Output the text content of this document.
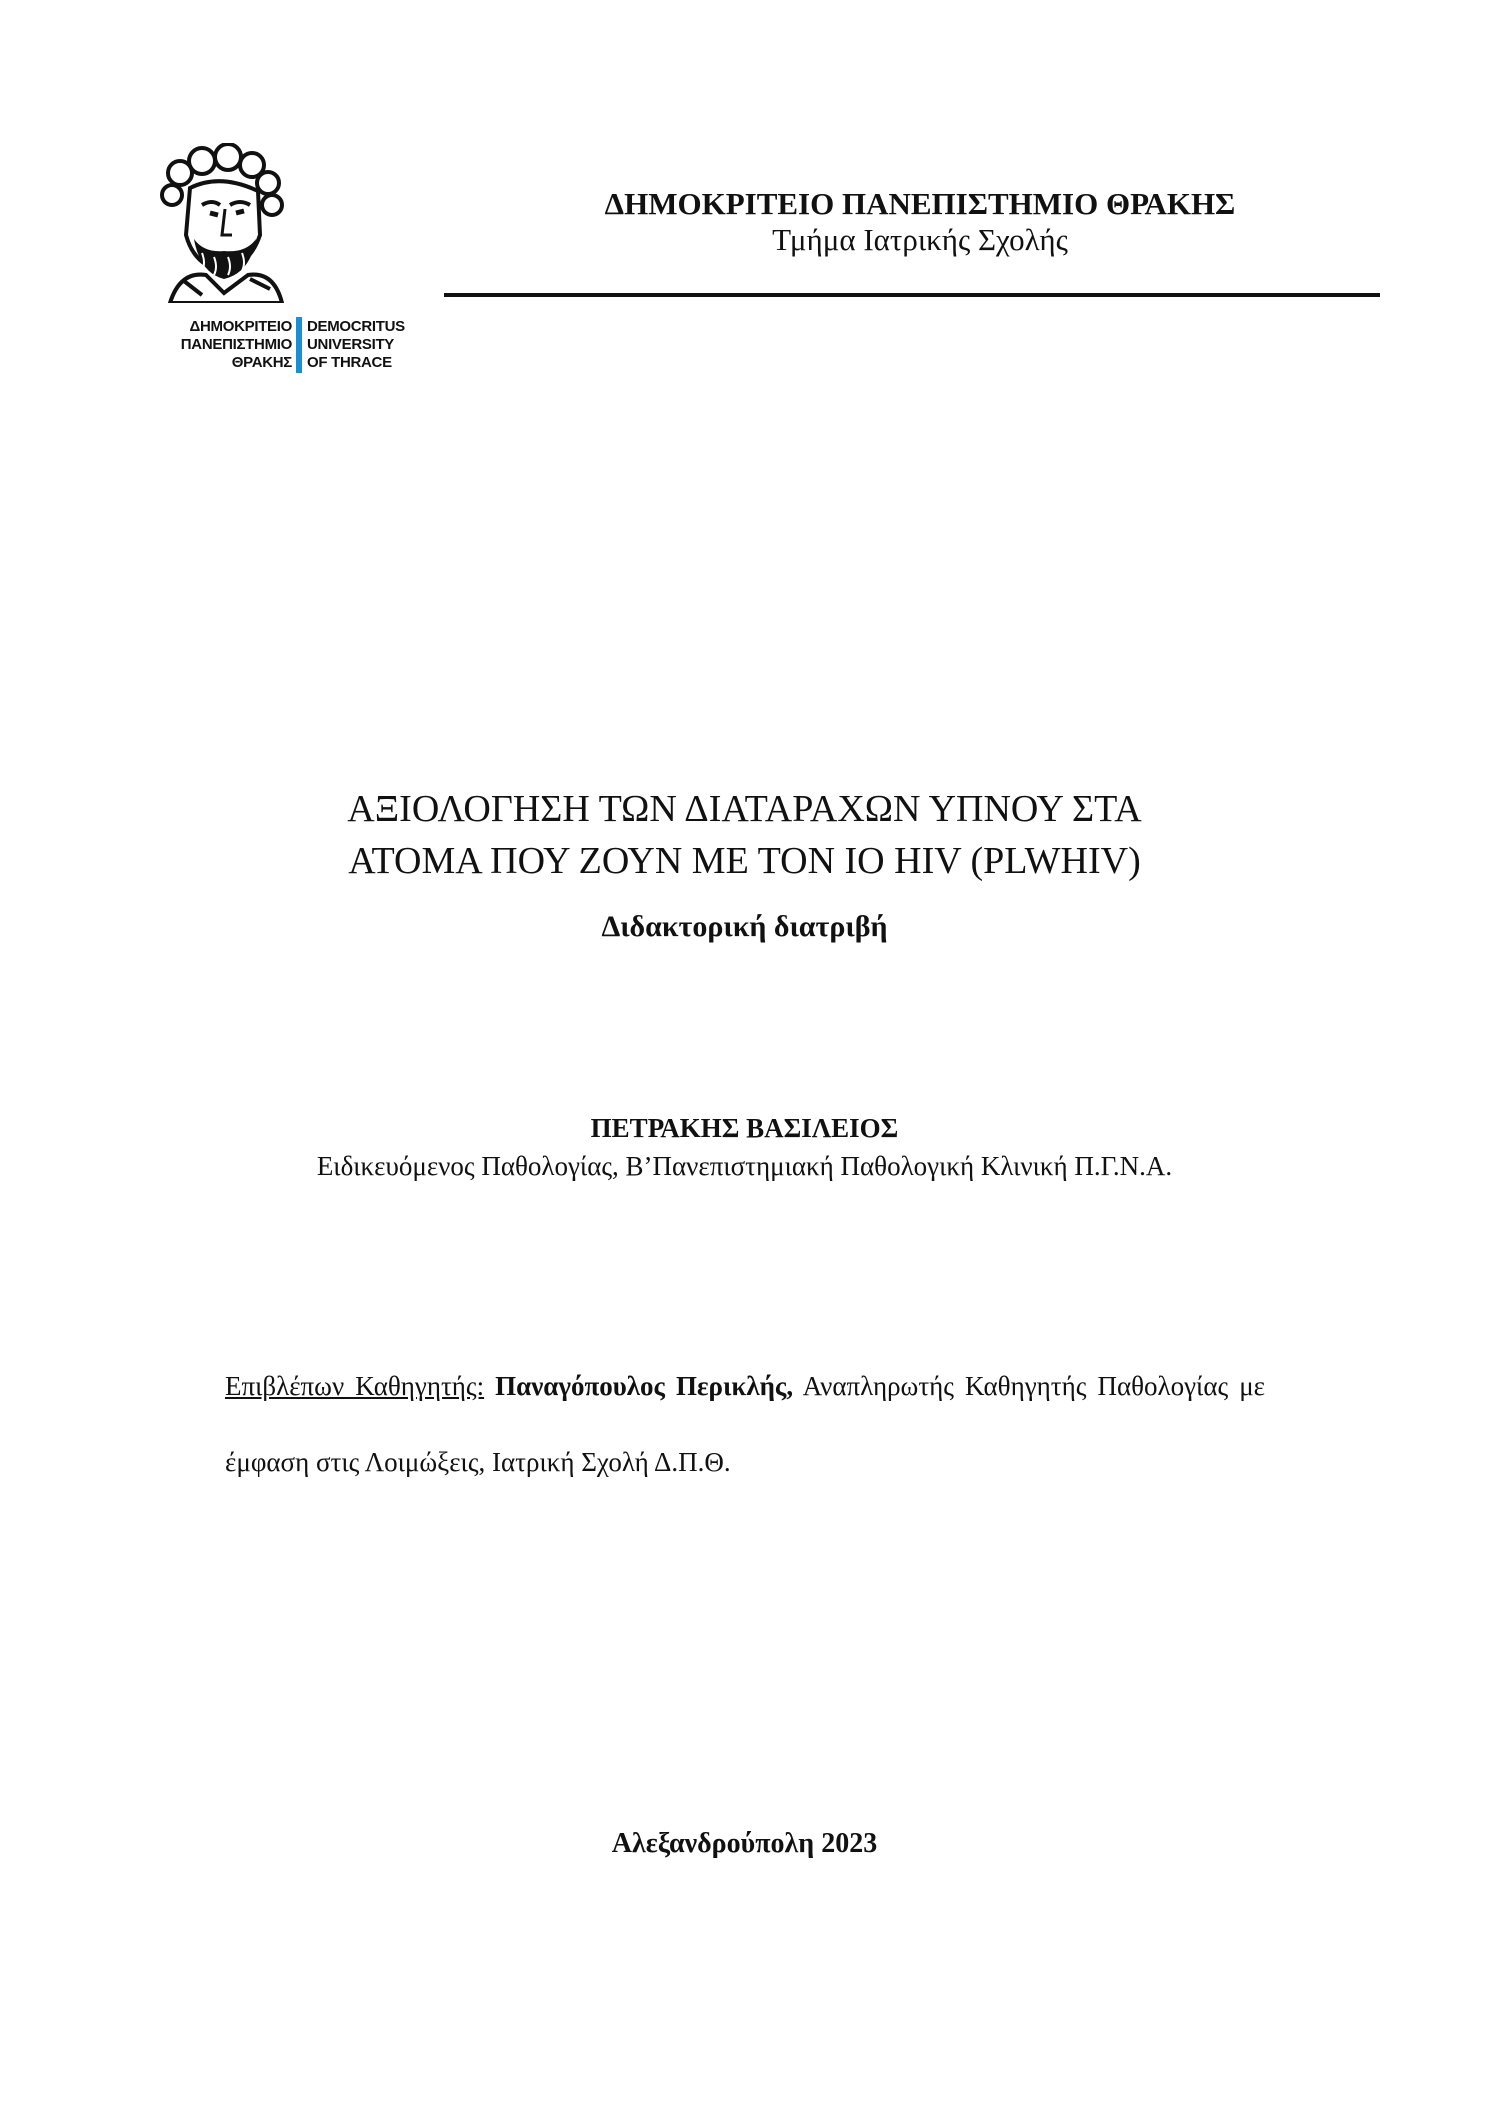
ΔΗΜΟΚΡΙΤΕΙΟ
ΠΑΝΕΠΙΣΤΗΜΙΟ
ΘΡΑΚΗΣ
DEMOCRITUS
UNIVERSITY
OF THRACE
ΔΗΜΟΚΡΙΤΕΙΟ ΠΑΝΕΠΙΣΤΗΜΙΟ ΘΡΑΚΗΣ
Τμήμα Ιατρικής Σχολής
ΑΞΙΟΛΟΓΗΣΗ ΤΩΝ ΔΙΑΤΑΡΑΧΩΝ ΥΠΝΟΥ ΣΤΑ
ΑΤΟΜΑ ΠΟΥ ΖΟΥΝ ΜΕ ΤΟΝ ΙΟ HIV (PLWHIV)
Διδακτορική διατριβή
ΠΕΤΡΑΚΗΣ ΒΑΣΙΛΕΙΟΣ
Ειδικευόμενος Παθολογίας, Β’Πανεπιστημιακή Παθολογική Κλινική Π.Γ.Ν.Α.
Επιβλέπων Καθηγητής: Παναγόπουλος Περικλής, Αναπληρωτής Καθηγητής Παθολογίας με έμφαση στις Λοιμώξεις, Ιατρική Σχολή Δ.Π.Θ.
Αλεξανδρούπολη 2023
